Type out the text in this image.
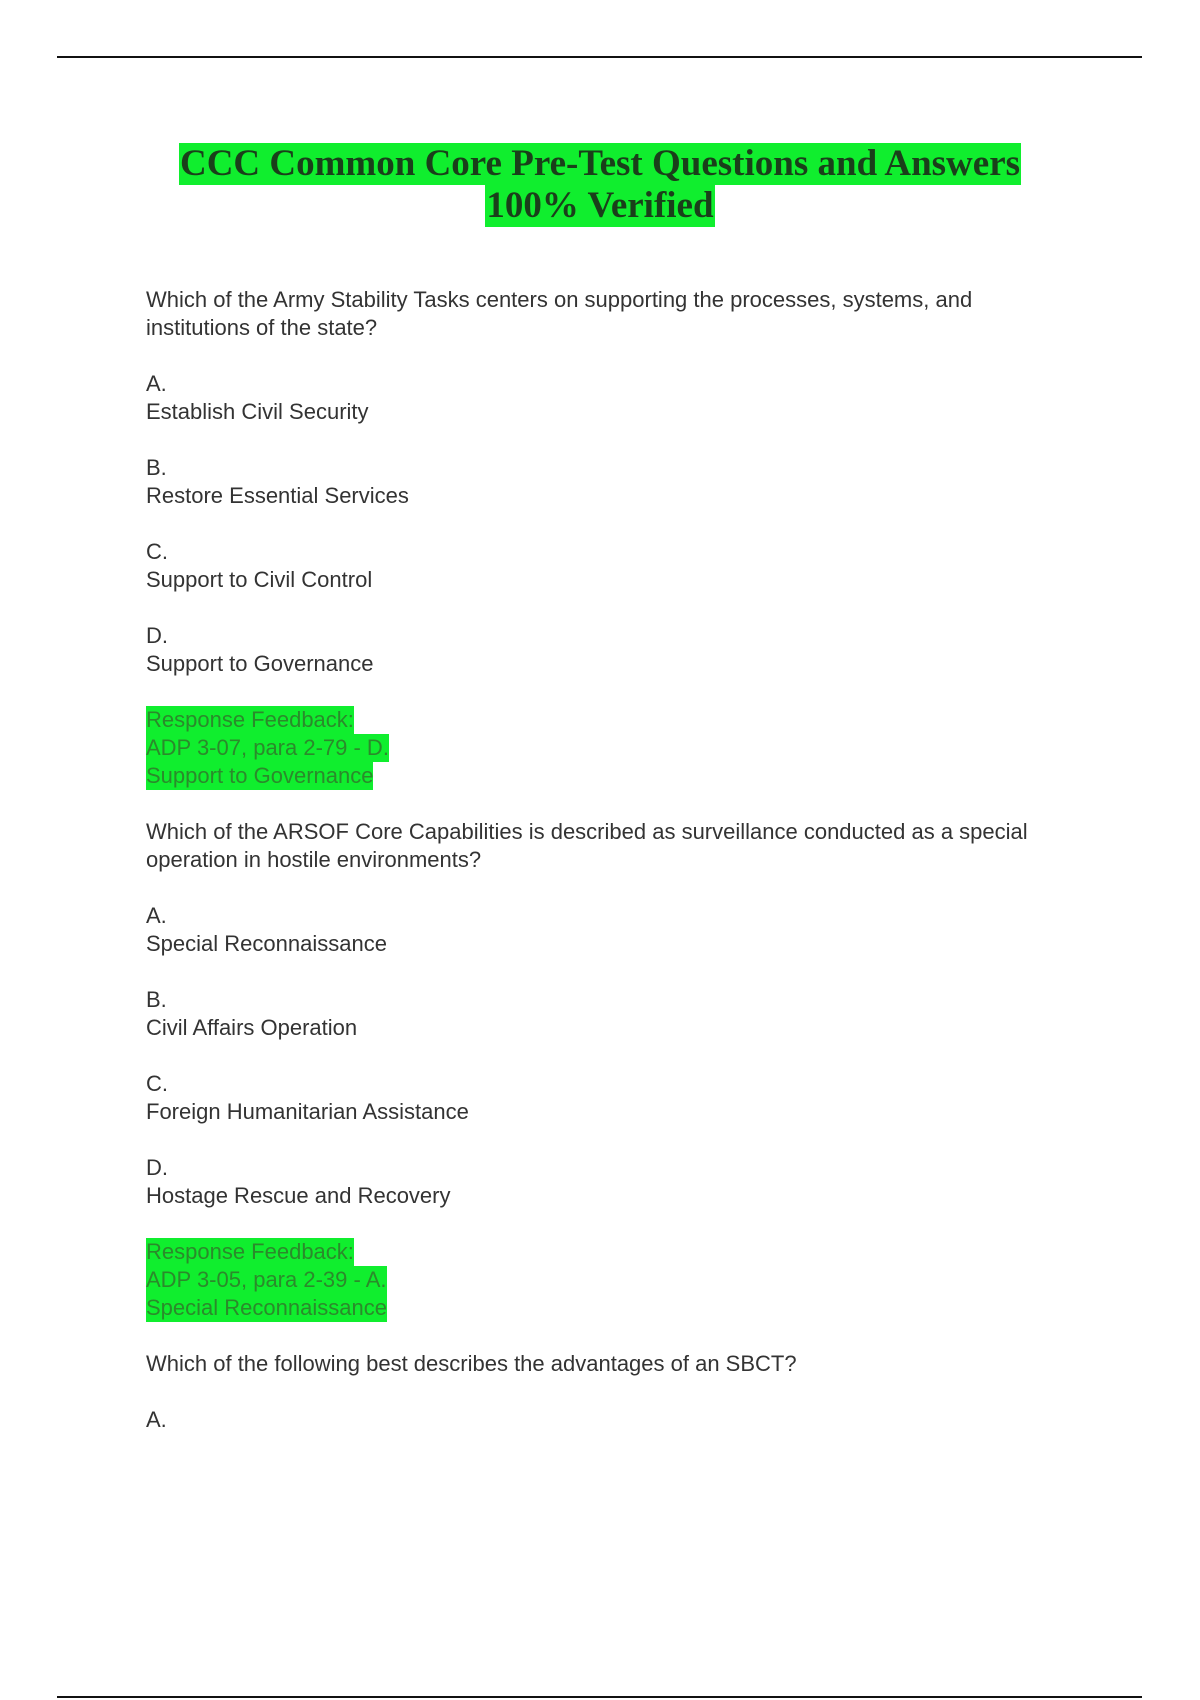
CCC Common Core Pre-Test Questions and Answers
100% Verified
Which of the Army Stability Tasks centers on supporting the processes, systems, and institutions of the state?
A.
Establish Civil Security
B.
Restore Essential Services
C.
Support to Civil Control
D.
Support to Governance
Response Feedback:
ADP 3-07, para 2-79 - D.
Support to Governance
Which of the ARSOF Core Capabilities is described as surveillance conducted as a special operation in hostile environments?
A.
Special Reconnaissance
B.
Civil Affairs Operation
C.
Foreign Humanitarian Assistance
D.
Hostage Rescue and Recovery
Response Feedback:
ADP 3-05, para 2-39 - A.
Special Reconnaissance
Which of the following best describes the advantages of an SBCT?
A.
